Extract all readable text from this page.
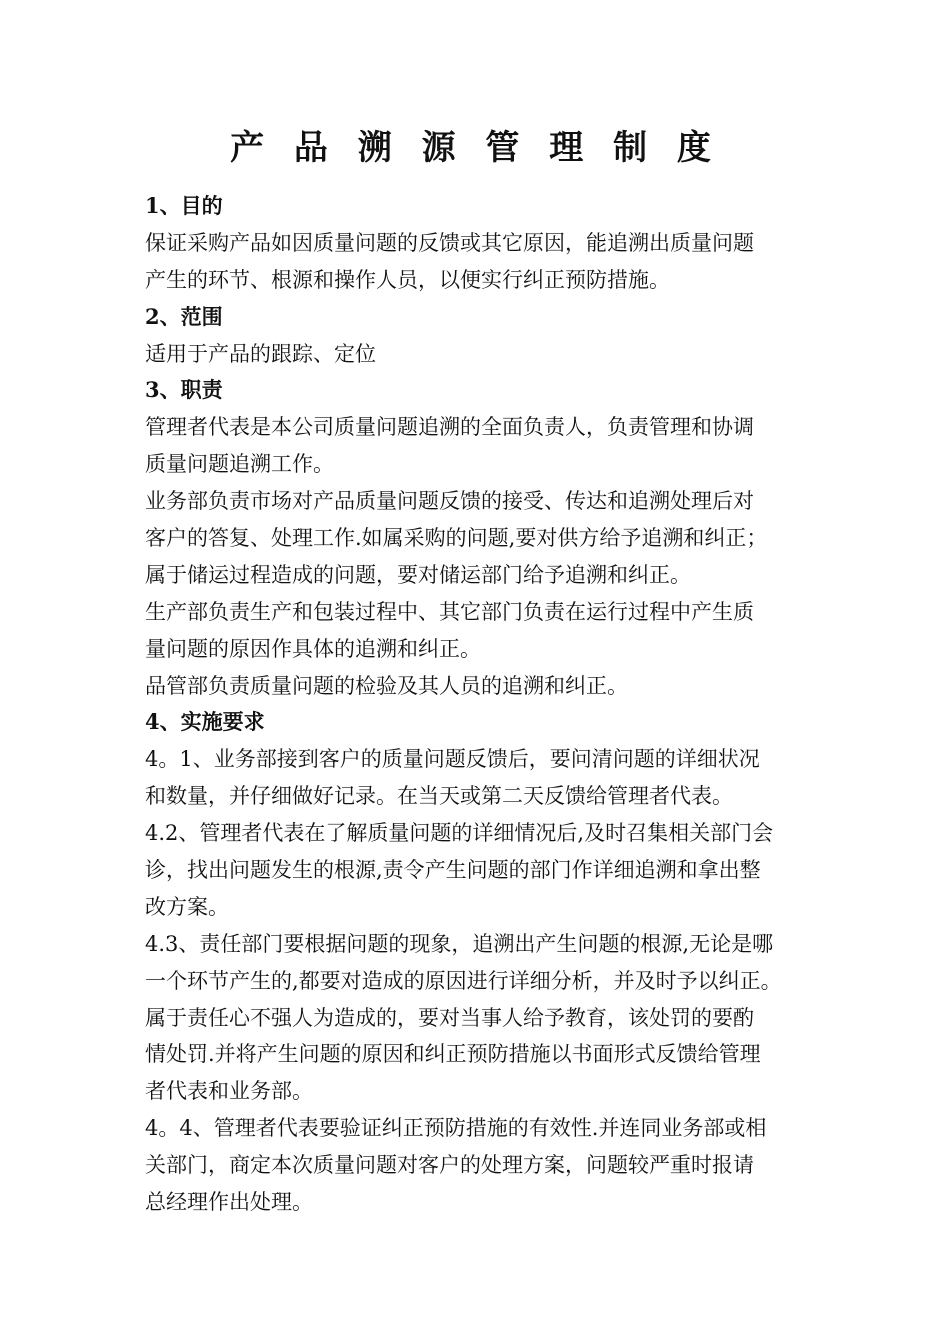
产 品 溯 源 管 理 制 度

1、目的

保证采购产品如因质量问题的反馈或其它原因，能追溯出质量问题

产生的环节、根源和操作人员，以便实行纠正预防措施。

2、范围

适用于产品的跟踪、定位

3、职责

管理者代表是本公司质量问题追溯的全面负责人，负责管理和协调

质量问题追溯工作。

业务部负责市场对产品质量问题反馈的接受、传达和追溯处理后对

客户的答复、处理工作.如属采购的问题,要对供方给予追溯和纠正；

属于储运过程造成的问题，要对储运部门给予追溯和纠正。

生产部负责生产和包装过程中、其它部门负责在运行过程中产生质

量问题的原因作具体的追溯和纠正。

品管部负责质量问题的检验及其人员的追溯和纠正。

4、实施要求

4。1、业务部接到客户的质量问题反馈后，要问清问题的详细状况

和数量，并仔细做好记录。在当天或第二天反馈给管理者代表。

4.2、管理者代表在了解质量问题的详细情况后,及时召集相关部门会

诊，找出问题发生的根源,责令产生问题的部门作详细追溯和拿出整

改方案。

4.3、责任部门要根据问题的现象，追溯出产生问题的根源,无论是哪

一个环节产生的,都要对造成的原因进行详细分析，并及时予以纠正。

属于责任心不强人为造成的，要对当事人给予教育，该处罚的要酌

情处罚.并将产生问题的原因和纠正预防措施以书面形式反馈给管理

者代表和业务部。

4。4、管理者代表要验证纠正预防措施的有效性.并连同业务部或相

关部门，商定本次质量问题对客户的处理方案，问题较严重时报请

总经理作出处理。
